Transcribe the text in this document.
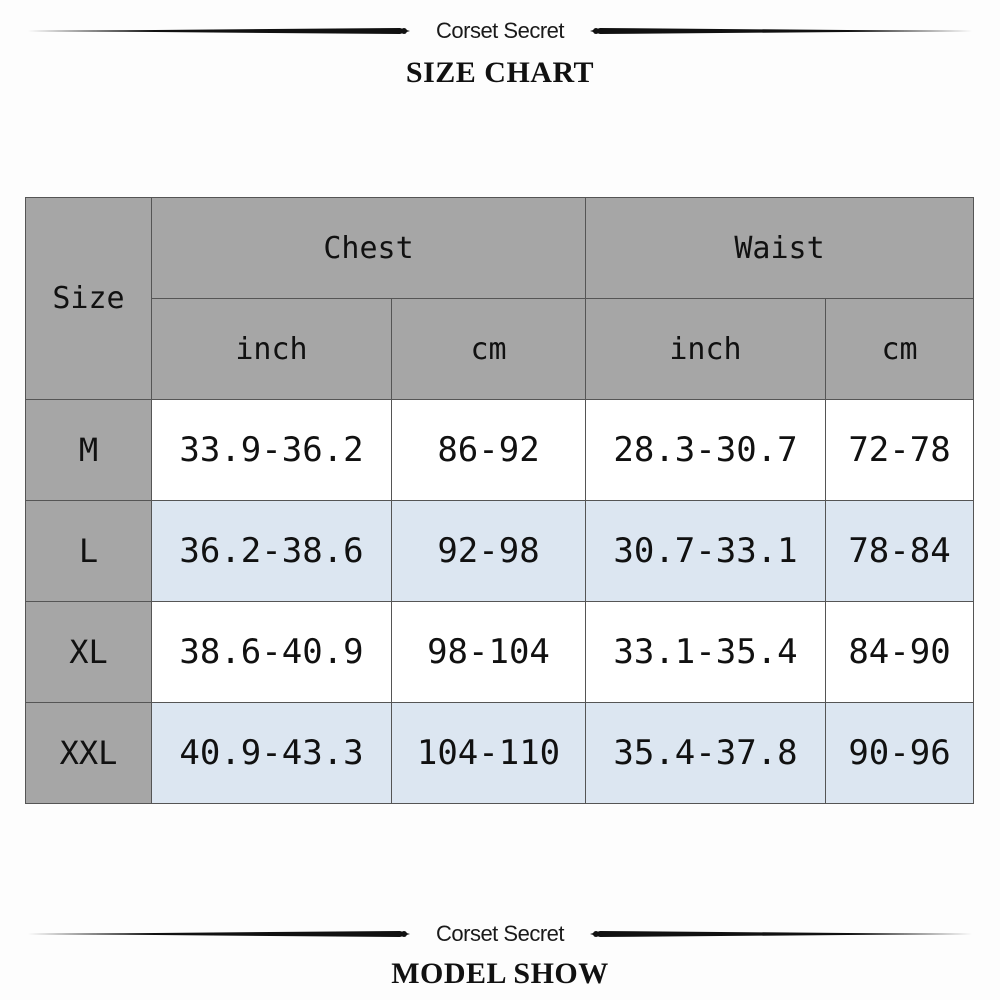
Corset Secret
SIZE CHART
Size	Chest		Waist	
	inch	cm	inch	cm
M	33.9-36.2	86-92	28.3-30.7	72-78
L	36.2-38.6	92-98	30.7-33.1	78-84
XL	38.6-40.9	98-104	33.1-35.4	84-90
XXL	40.9-43.3	104-110	35.4-37.8	90-96
Corset Secret
MODEL SHOW
